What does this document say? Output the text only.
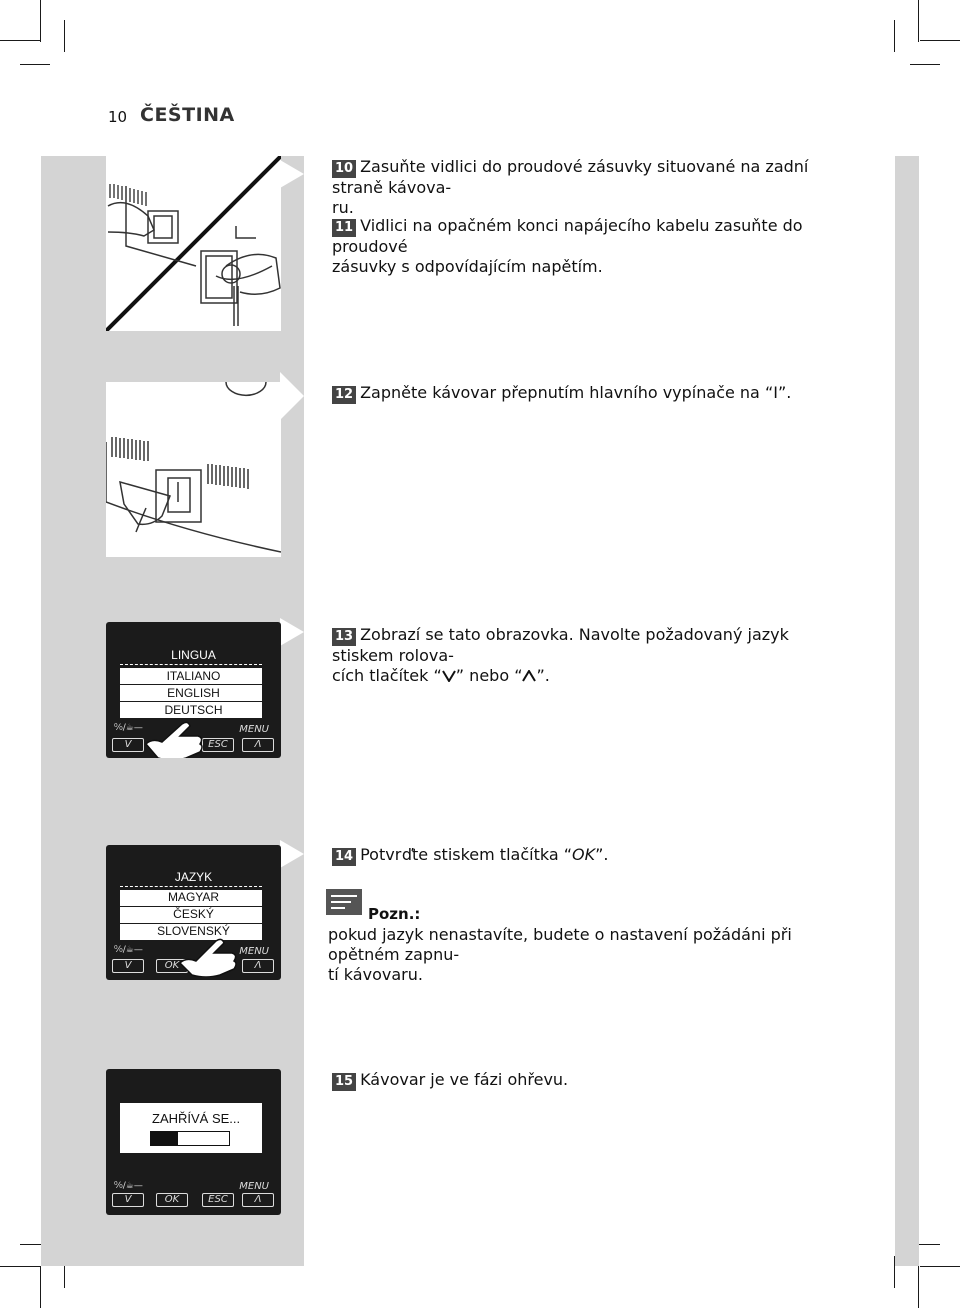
10 ČEŠTINA
LINGUA
ITALIANO
ENGLISH
DEUTSCH
⁰⁄₀/☕—	MENU
V	ESC	Λ
JAZYK
MAGYAR
ČESKÝ
SLOVENSKÝ
⁰⁄₀/☕—	MENU
V	OK	Λ
ZAHŘÍVÁ SE...
⁰⁄₀/☕—	MENU
V	OK	ESC	Λ
10 Zasuňte vidlici do proudové zásuvky situované na zadní straně kávova-
ru.
11 Vidlici na opačném konci napájecího kabelu zasuňte do proudové
zásuvky s odpovídajícím napětím.
12 Zapněte kávovar přepnutím hlavního vypínače na “I”.
13 Zobrazí se tato obrazovka. Navolte požadovaný jazyk stiskem rolova-
cích tlačítek “ ” nebo “ ”.
14 Potvrďte stiskem tlačítka “OK”.
Pozn.:
pokud jazyk nenastavíte, budete o nastavení požádáni při opětném zapnu-
tí kávovaru.
15 Kávovar je ve fázi ohřevu.
